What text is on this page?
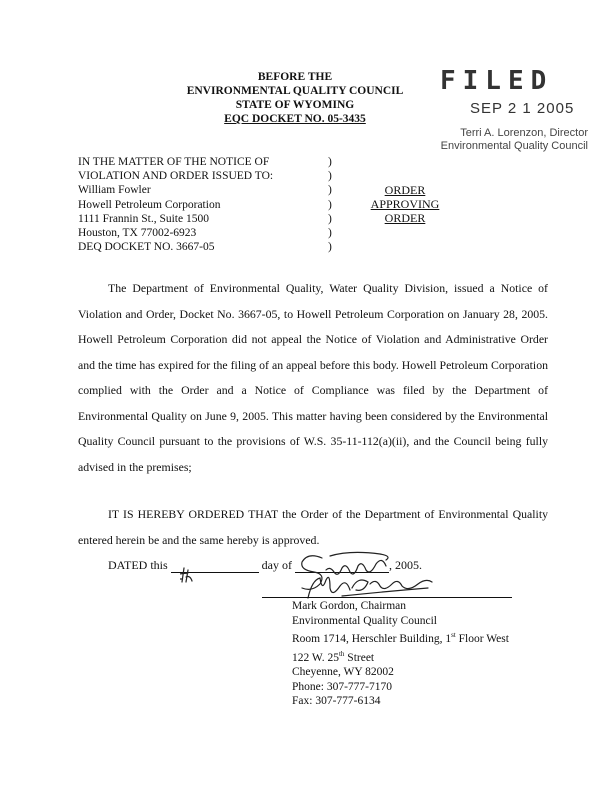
BEFORE THE
ENVIRONMENTAL QUALITY COUNCIL
STATE OF WYOMING
EQC DOCKET NO. 05-3435
FILED
SEP 2 1 2005
Terri A. Lorenzon, Director
Environmental Quality Council
IN THE MATTER OF THE NOTICE OF
VIOLATION AND ORDER ISSUED TO:
William Fowler
Howell Petroleum Corporation
1111 Frannin St., Suite 1500
Houston, TX 77002-6923
DEQ DOCKET NO. 3667-05
)
)
)
)
)
)
)
ORDER APPROVING
ORDER
The Department of Environmental Quality, Water Quality Division, issued a Notice of Violation and Order, Docket No. 3667-05, to Howell Petroleum Corporation on January 28, 2005. Howell Petroleum Corporation did not appeal the Notice of Violation and Administrative Order and the time has expired for the filing of an appeal before this body. Howell Petroleum Corporation complied with the Order and a Notice of Compliance was filed by the Department of Environmental Quality on June 9, 2005. This matter having been considered by the Environmental Quality Council pursuant to the provisions of W.S. 35-11-112(a)(ii), and the Council being fully advised in the premises;
IT IS HEREBY ORDERED THAT the Order of the Department of Environmental Quality entered herein be and the same hereby is approved.
DATED this	day of	, 2005.
Mark Gordon, Chairman
Environmental Quality Council
Room 1714, Herschler Building, 1st Floor West
122 W. 25th Street
Cheyenne, WY 82002
Phone: 307-777-7170
Fax: 307-777-6134
